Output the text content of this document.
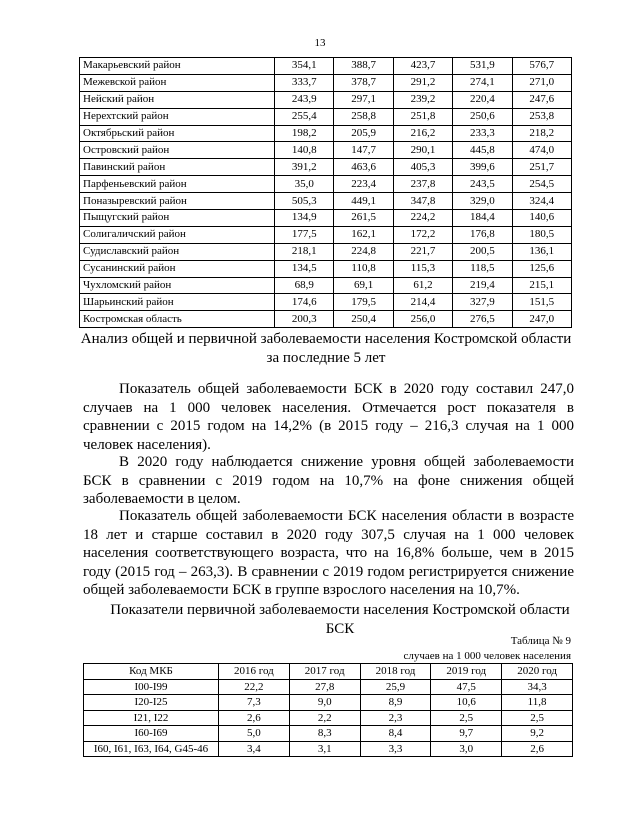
13
Макарьевский район	354,1	388,7	423,7	531,9	576,7
Межевской район	333,7	378,7	291,2	274,1	271,0
Нейский район	243,9	297,1	239,2	220,4	247,6
Нерехтский район	255,4	258,8	251,8	250,6	253,8
Октябрьский район	198,2	205,9	216,2	233,3	218,2
Островский район	140,8	147,7	290,1	445,8	474,0
Павинский район	391,2	463,6	405,3	399,6	251,7
Парфеньевский район	35,0	223,4	237,8	243,5	254,5
Поназыревский район	505,3	449,1	347,8	329,0	324,4
Пыщугский район	134,9	261,5	224,2	184,4	140,6
Солигаличский район	177,5	162,1	172,2	176,8	180,5
Судиславский район	218,1	224,8	221,7	200,5	136,1
Сусанинский район	134,5	110,8	115,3	118,5	125,6
Чухломский район	68,9	69,1	61,2	219,4	215,1
Шарьинский район	174,6	179,5	214,4	327,9	151,5
Костромская область	200,3	250,4	256,0	276,5	247,0
Анализ общей и первичной заболеваемости населения Костромской области за последние 5 лет

Показатель общей заболеваемости БСК в 2020 году составил 247,0 случаев на 1 000 человек населения. Отмечается рост показателя в сравнении с 2015 годом на 14,2% (в 2015 году – 216,3 случая на 1 000 человек населения).

В 2020 году наблюдается снижение уровня общей заболеваемости БСК в сравнении с 2019 годом на 10,7% на фоне снижения общей заболеваемости в целом.

Показатель общей заболеваемости БСК населения области в возрасте 18 лет и старше составил в 2020 году 307,5 случая на 1 000 человек населения соответствующего возраста, что на 16,8% больше, чем в 2015 году (2015 год – 263,3). В сравнении с 2019 годом регистрируется снижение общей заболеваемости БСК в группе взрослого населения на 10,7%.

Показатели первичной заболеваемости населения Костромской области БСК
Таблица № 9
случаев на 1 000 человек населения
Код МКБ	2016 год	2017 год	2018 год	2019 год	2020 год
I00-I99	22,2	27,8	25,9	47,5	34,3
I20-I25	7,3	9,0	8,9	10,6	11,8
I21, I22	2,6	2,2	2,3	2,5	2,5
I60-I69	5,0	8,3	8,4	9,7	9,2
I60, I61, I63, I64, G45-46	3,4	3,1	3,3	3,0	2,6
